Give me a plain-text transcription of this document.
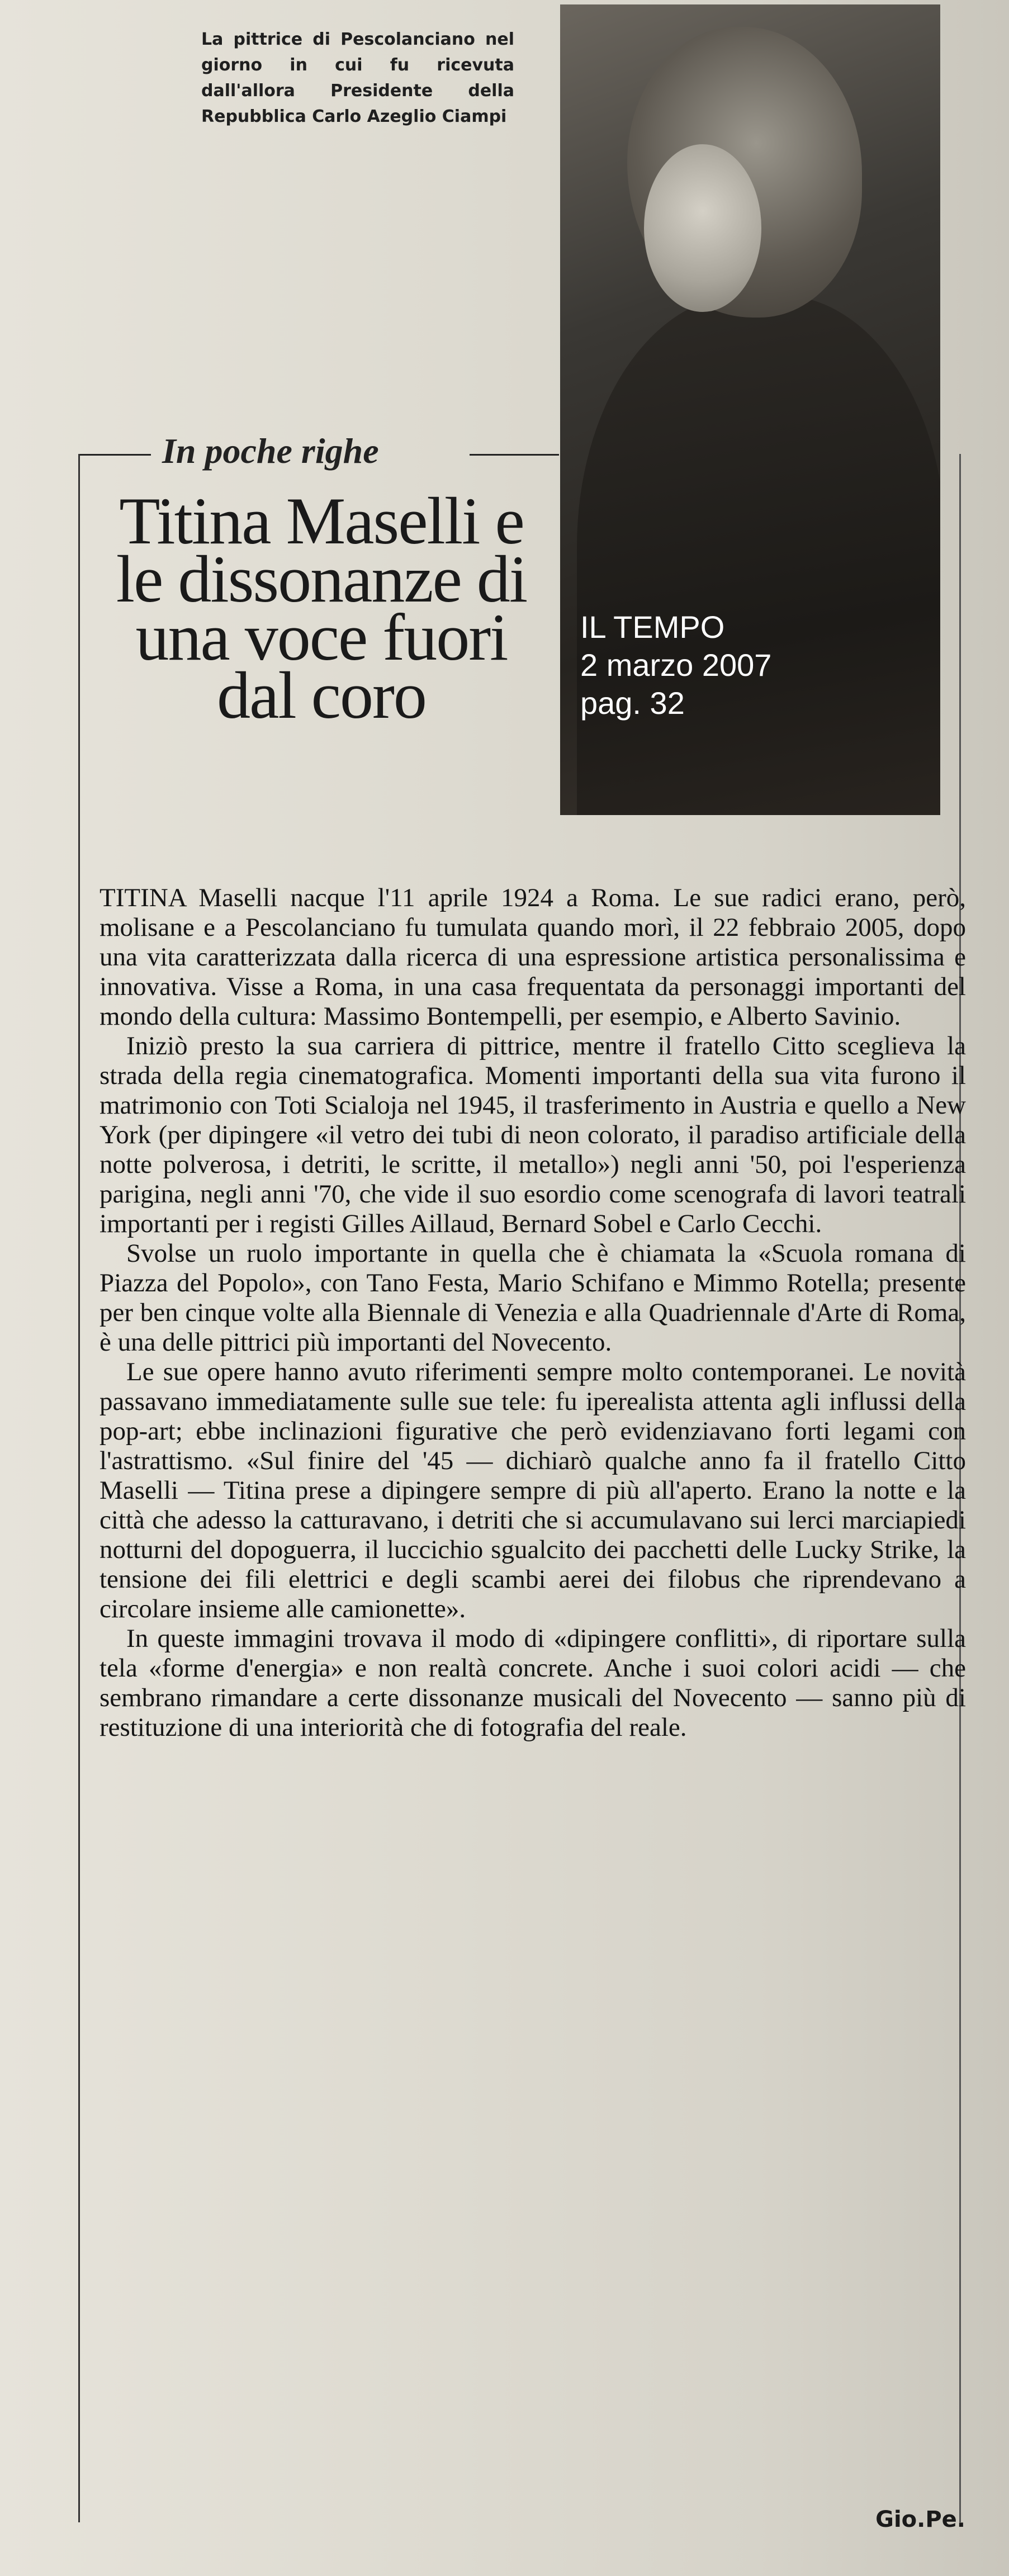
La pittrice di Pescolanciano nel giorno in cui fu ricevuta dall'allora Presidente della Repubblica Carlo Azeglio Ciampi
IL TEMPO
2 marzo 2007
pag. 32
In poche righe
Titina Maselli e le dissonanze di una voce fuori dal coro

TITINA Maselli nacque l'11 aprile 1924 a Roma. Le sue radici erano, però, molisane e a Pescolanciano fu tumulata quando morì, il 22 febbraio 2005, dopo una vita caratterizzata dalla ricerca di una espressione artistica personalissima e innovativa. Visse a Roma, in una casa frequentata da personaggi importanti del mondo della cultura: Massimo Bontempelli, per esempio, e Alberto Savinio.

Iniziò presto la sua carriera di pittrice, mentre il fratello Citto sceglieva la strada della regia cinematografica. Momenti importanti della sua vita furono il matrimonio con Toti Scialoja nel 1945, il trasferimento in Austria e quello a New York (per dipingere «il vetro dei tubi di neon colorato, il paradiso artificiale della notte polverosa, i detriti, le scritte, il metallo») negli anni '50, poi l'esperienza parigina, negli anni '70, che vide il suo esordio come scenografa di lavori teatrali importanti per i registi Gilles Aillaud, Bernard Sobel e Carlo Cecchi.

Svolse un ruolo importante in quella che è chiamata la «Scuola romana di Piazza del Popolo», con Tano Festa, Mario Schifano e Mimmo Rotella; presente per ben cinque volte alla Biennale di Venezia e alla Quadriennale d'Arte di Roma, è una delle pittrici più importanti del Novecento.

Le sue opere hanno avuto riferimenti sempre molto contemporanei. Le novità passavano immediatamente sulle sue tele: fu iperealista attenta agli influssi della pop-art; ebbe inclinazioni figurative che però evidenziavano forti legami con l'astrattismo. «Sul finire del '45 — dichiarò qualche anno fa il fratello Citto Maselli — Titina prese a dipingere sempre di più all'aperto. Erano la notte e la città che adesso la catturavano, i detriti che si accumulavano sui lerci marciapiedi notturni del dopoguerra, il luccichio sgualcito dei pacchetti delle Lucky Strike, la tensione dei fili elettrici e degli scambi aerei dei filobus che riprendevano a circolare insieme alle camionette».

In queste immagini trovava il modo di «dipingere conflitti», di riportare sulla tela «forme d'energia» e non realtà concrete. Anche i suoi colori acidi — che sembrano rimandare a certe dissonanze musicali del Novecento — sanno più di restituzione di una interiorità che di fotografia del reale.

Gio.Pe.
